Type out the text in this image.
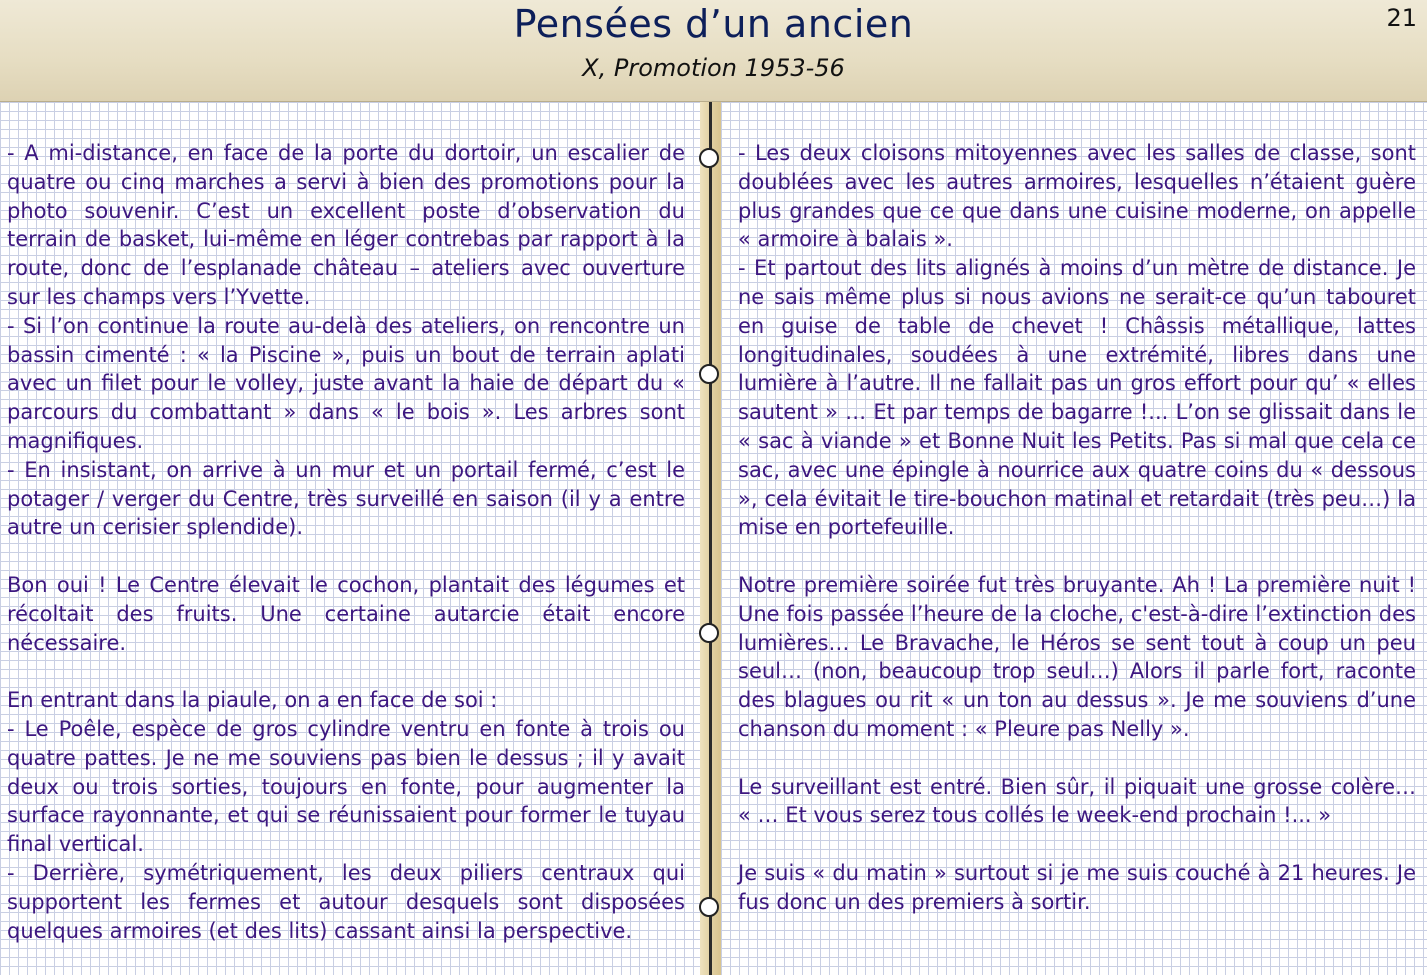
Pensées d’un ancien
X, Promotion 1953-56
21

- A mi-distance, en face de la porte du dortoir, un escalier de quatre ou cinq marches a servi à bien des promotions pour la photo souvenir. C’est un excellent poste d’observation du terrain de basket, lui-même en léger contrebas par rapport à la route, donc de l’esplanade château – ateliers avec ouverture sur les champs vers l’Yvette.

- Si l’on continue la route au-delà des ateliers, on rencontre un bassin cimenté : « la Piscine », puis un bout de terrain aplati avec un filet pour le volley, juste avant la haie de départ du « parcours du combattant » dans « le bois ». Les arbres sont magnifiques.

- En insistant, on arrive à un mur et un portail fermé, c’est le potager / verger du Centre, très surveillé en saison (il y a entre autre un cerisier splendide).

Bon oui ! Le Centre élevait le cochon, plantait des légumes et récoltait des fruits. Une certaine autarcie était encore nécessaire.

En entrant dans la piaule, on a en face de soi :

- Le Poêle, espèce de gros cylindre ventru en fonte à trois ou quatre pattes. Je ne me souviens pas bien le dessus ; il y avait deux ou trois sorties, toujours en fonte, pour augmenter la surface rayonnante, et qui se réunissaient pour former le tuyau final vertical.

- Derrière, symétriquement, les deux piliers centraux qui supportent les fermes et autour desquels sont disposées quelques armoires (et des lits) cassant ainsi la perspective.

- Les deux cloisons mitoyennes avec les salles de classe, sont doublées avec les autres armoires, lesquelles n’étaient guère plus grandes que ce que dans une cuisine moderne, on appelle « armoire à balais ».

- Et partout des lits alignés à moins d’un mètre de distance. Je ne sais même plus si nous avions ne serait-ce qu’un tabouret en guise de table de chevet ! Châssis métallique, lattes longitudinales, soudées à une extrémité, libres dans une lumière à l’autre. Il ne fallait pas un gros effort pour qu’ « elles sautent » … Et par temps de bagarre !... L’on se glissait dans le « sac à viande » et Bonne Nuit les Petits. Pas si mal que cela ce sac, avec une épingle à nourrice aux quatre coins du « dessous », cela évitait le tire-bouchon matinal et retardait (très peu…) la mise en portefeuille.

Notre première soirée fut très bruyante. Ah ! La première nuit ! Une fois passée l’heure de la cloche, c'est-à-dire l’extinction des lumières… Le Bravache, le Héros se sent tout à coup un peu seul… (non, beaucoup trop seul…) Alors il parle fort, raconte des blagues ou rit « un ton au dessus ». Je me souviens d’une chanson du moment : « Pleure pas Nelly ».

Le surveillant est entré. Bien sûr, il piquait une grosse colère… « … Et vous serez tous collés le week-end prochain !... »

Je suis « du matin » surtout si je me suis couché à 21 heures. Je fus donc un des premiers à sortir.
